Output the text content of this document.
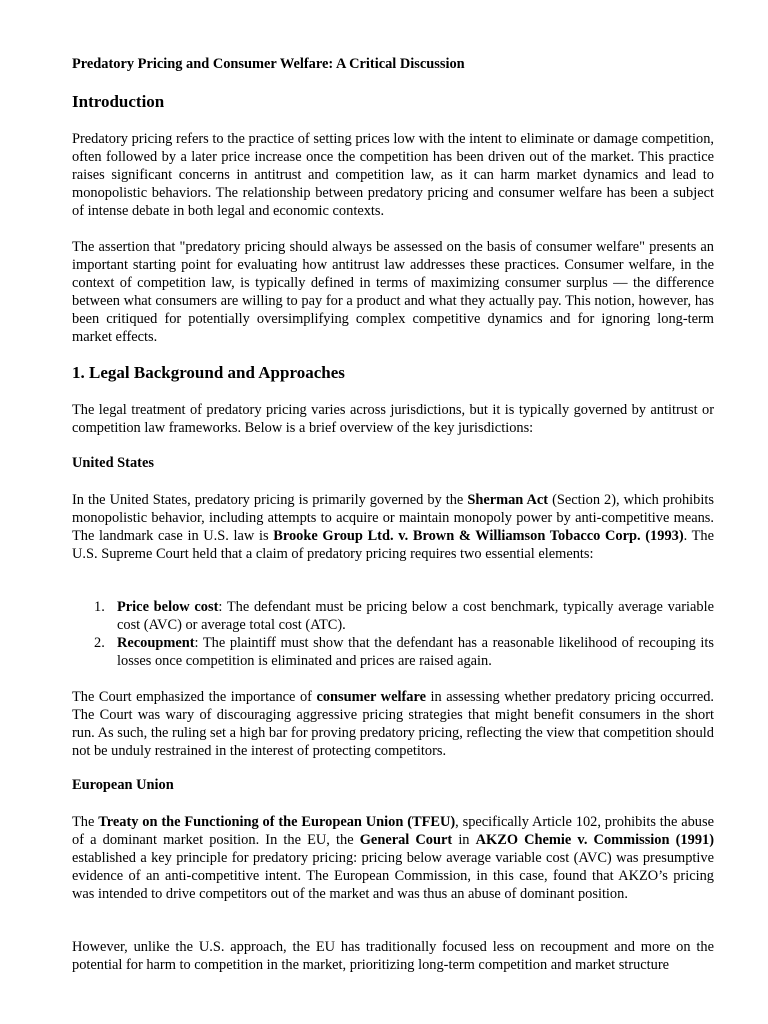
Predatory Pricing and Consumer Welfare: A Critical Discussion

Introduction

Predatory pricing refers to the practice of setting prices low with the intent to eliminate or damage competition, often followed by a later price increase once the competition has been driven out of the market. This practice raises significant concerns in antitrust and competition law, as it can harm market dynamics and lead to monopolistic behaviors. The relationship between predatory pricing and consumer welfare has been a subject of intense debate in both legal and economic contexts.

The assertion that "predatory pricing should always be assessed on the basis of consumer welfare" presents an important starting point for evaluating how antitrust law addresses these practices. Consumer welfare, in the context of competition law, is typically defined in terms of maximizing consumer surplus — the difference between what consumers are willing to pay for a product and what they actually pay. This notion, however, has been critiqued for potentially oversimplifying complex competitive dynamics and for ignoring long-term market effects.

1. Legal Background and Approaches

The legal treatment of predatory pricing varies across jurisdictions, but it is typically governed by antitrust or competition law frameworks. Below is a brief overview of the key jurisdictions:

United States

In the United States, predatory pricing is primarily governed by the Sherman Act (Section 2), which prohibits monopolistic behavior, including attempts to acquire or maintain monopoly power by anti-competitive means. The landmark case in U.S. law is Brooke Group Ltd. v. Brown & Williamson Tobacco Corp. (1993). The U.S. Supreme Court held that a claim of predatory pricing requires two essential elements:

1. Price below cost: The defendant must be pricing below a cost benchmark, typically average variable cost (AVC) or average total cost (ATC).
2. Recoupment: The plaintiff must show that the defendant has a reasonable likelihood of recouping its losses once competition is eliminated and prices are raised again.

The Court emphasized the importance of consumer welfare in assessing whether predatory pricing occurred. The Court was wary of discouraging aggressive pricing strategies that might benefit consumers in the short run. As such, the ruling set a high bar for proving predatory pricing, reflecting the view that competition should not be unduly restrained in the interest of protecting competitors.

European Union

The Treaty on the Functioning of the European Union (TFEU), specifically Article 102, prohibits the abuse of a dominant market position. In the EU, the General Court in AKZO Chemie v. Commission (1991) established a key principle for predatory pricing: pricing below average variable cost (AVC) was presumptive evidence of an anti-competitive intent. The European Commission, in this case, found that AKZO’s pricing was intended to drive competitors out of the market and was thus an abuse of dominant position.

However, unlike the U.S. approach, the EU has traditionally focused less on recoupment and more on the potential for harm to competition in the market, prioritizing long-term competition and market structure
